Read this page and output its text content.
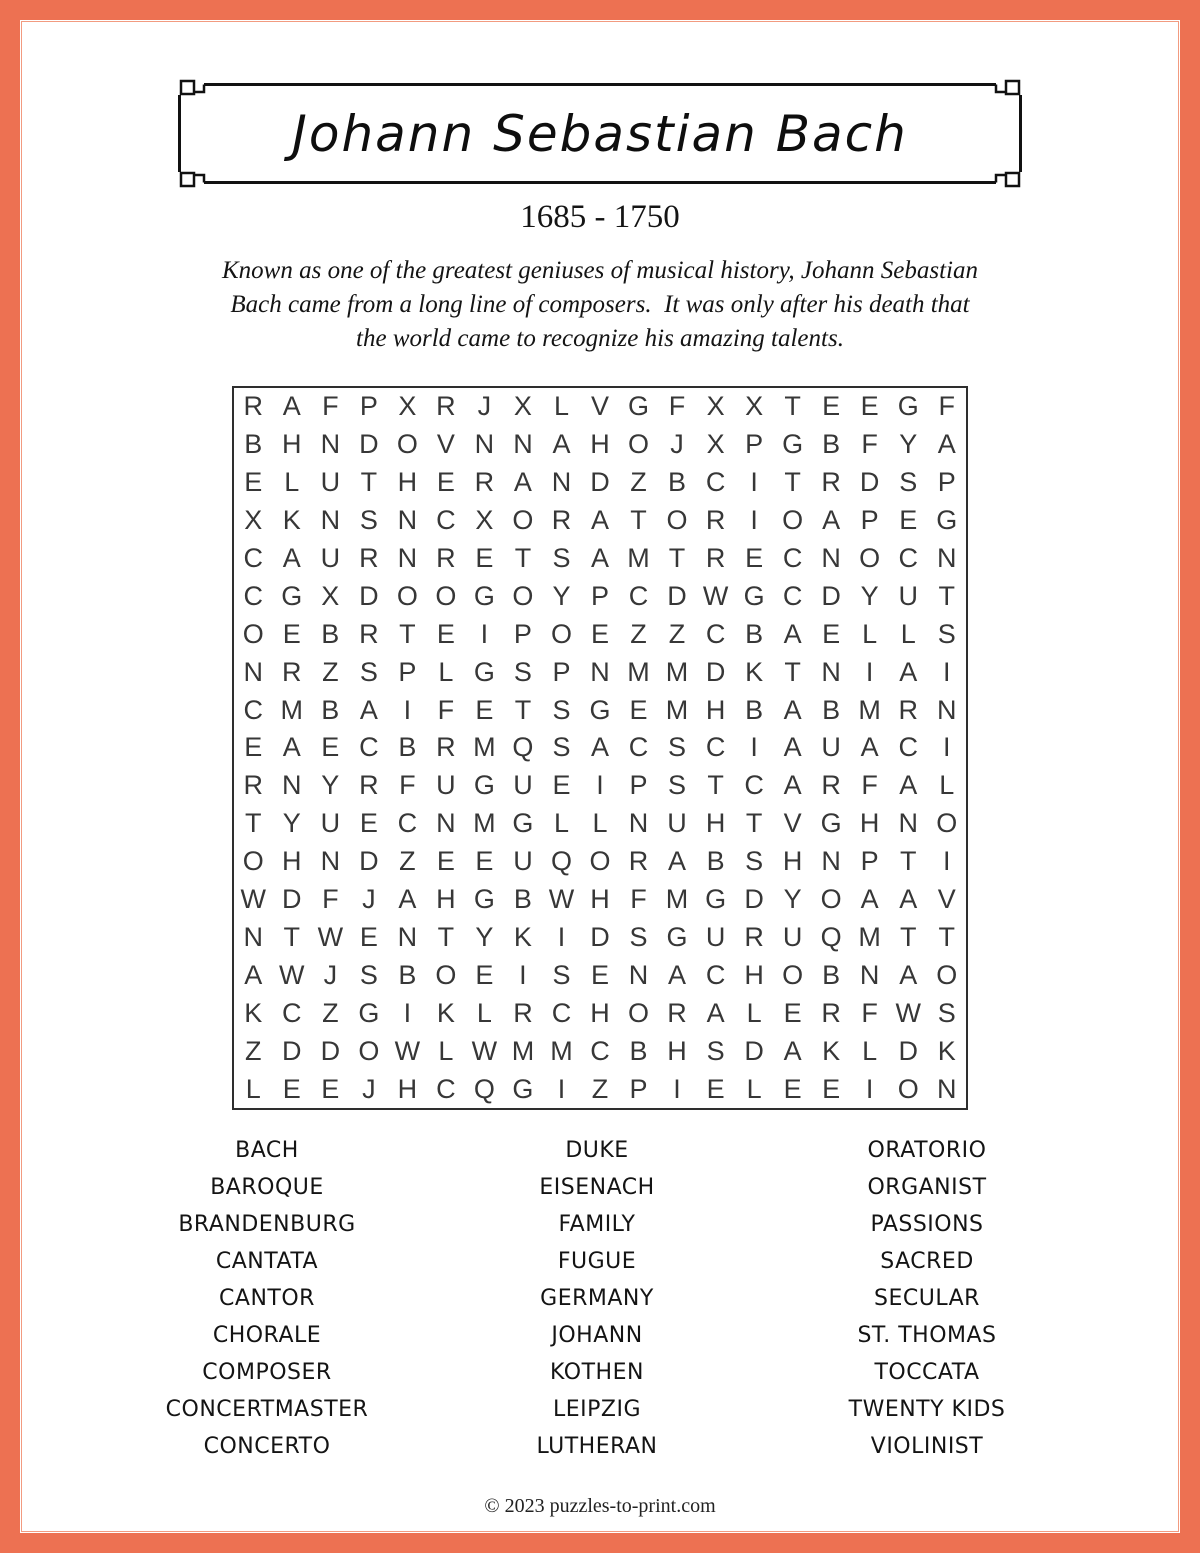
Johann Sebastian Bach
1685 - 1750
Known as one of the greatest geniuses of musical history, Johann Sebastian
Bach came from a long line of composers.  It was only after his death that
the world came to recognize his amazing talents.
R A F P X R J X L V G F X X T E E G F
B H N D O V N N A H O J X P G B F Y A
E L U T H E R A N D Z B C I T R D S P
X K N S N C X O R A T O R I O A P E G
C A U R N R E T S A M T R E C N O C N
C G X D O O G O Y P C D W G C D Y U T
O E B R T E I P O E Z Z C B A E L L S
N R Z S P L G S P N M M D K T N I A I
C M B A I F E T S G E M H B A B M R N
E A E C B R M Q S A C S C I A U A C I
R N Y R F U G U E I P S T C A R F A L
T Y U E C N M G L L N U H T V G H N O
O H N D Z E E U Q O R A B S H N P T I
W D F J A H G B W H F M G D Y O A A V
N T W E N T Y K I D S G U R U Q M T T
A W J S B O E I S E N A C H O B N A O
K C Z G I K L R C H O R A L E R F W S
Z D D O W L W M M C B H S D A K L D K
L E E J H C Q G I Z P I E L E E I O N
BACH
BAROQUE
BRANDENBURG
CANTATA
CANTOR
CHORALE
COMPOSER
CONCERTMASTER
CONCERTO
DUKE
EISENACH
FAMILY
FUGUE
GERMANY
JOHANN
KOTHEN
LEIPZIG
LUTHERAN
ORATORIO
ORGANIST
PASSIONS
SACRED
SECULAR
ST. THOMAS
TOCCATA
TWENTY KIDS
VIOLINIST
© 2023 puzzles-to-print.com
